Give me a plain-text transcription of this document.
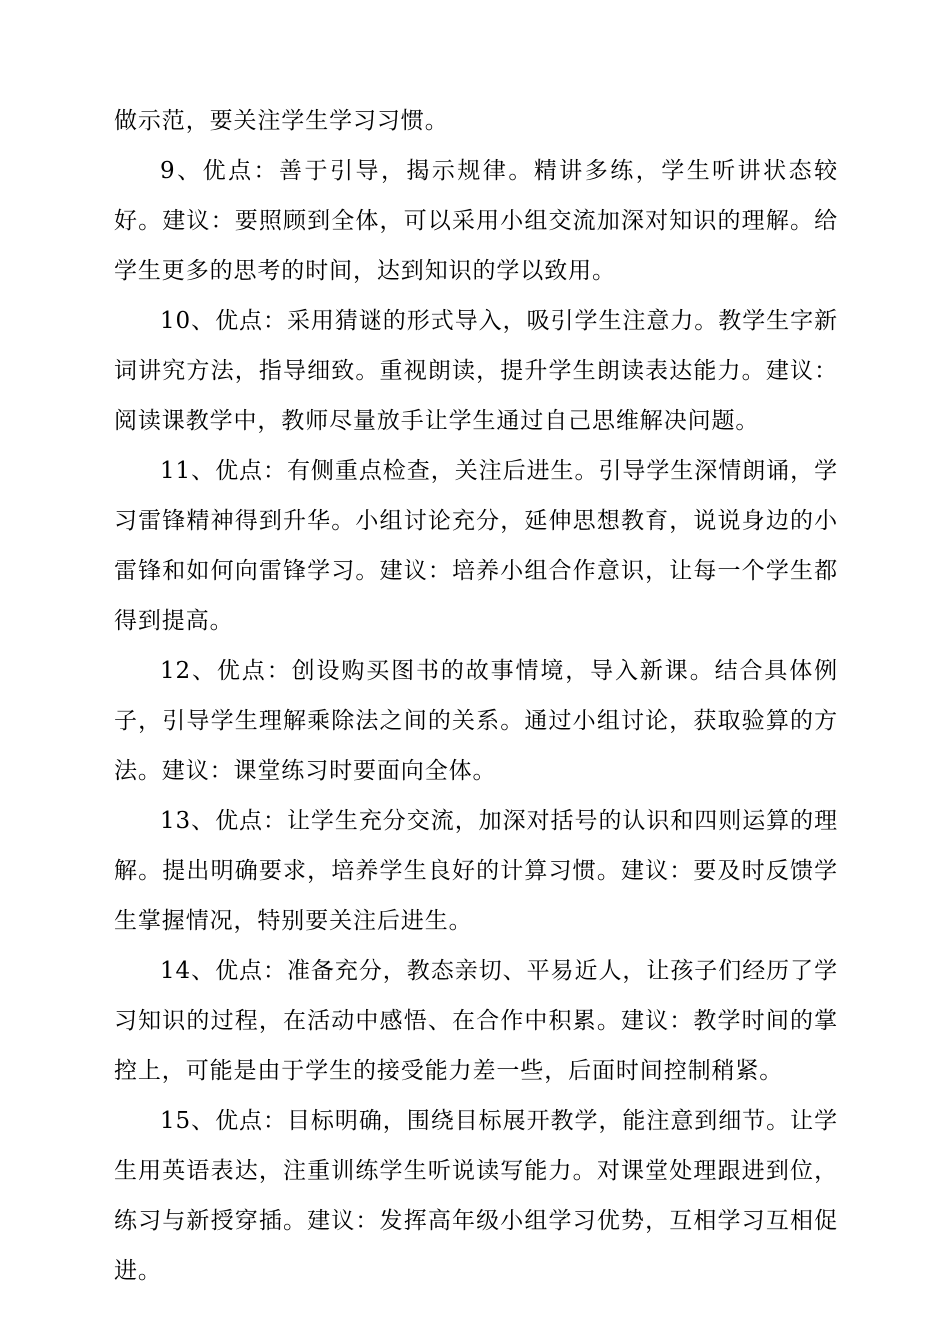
做示范，要关注学生学习习惯。

9、优点：善于引导，揭示规律。精讲多练，学生听讲状态较好。建议：要照顾到全体，可以采用小组交流加深对知识的理解。给学生更多的思考的时间，达到知识的学以致用。

10、优点：采用猜谜的形式导入，吸引学生注意力。教学生字新词讲究方法，指导细致。重视朗读，提升学生朗读表达能力。建议：阅读课教学中，教师尽量放手让学生通过自己思维解决问题。

11、优点：有侧重点检查，关注后进生。引导学生深情朗诵，学习雷锋精神得到升华。小组讨论充分，延伸思想教育，说说身边的小雷锋和如何向雷锋学习。建议：培养小组合作意识，让每一个学生都得到提高。

12、优点：创设购买图书的故事情境，导入新课。结合具体例子，引导学生理解乘除法之间的关系。通过小组讨论，获取验算的方法。建议：课堂练习时要面向全体。

13、优点：让学生充分交流，加深对括号的认识和四则运算的理解。提出明确要求，培养学生良好的计算习惯。建议：要及时反馈学生掌握情况，特别要关注后进生。

14、优点：准备充分，教态亲切、平易近人，让孩子们经历了学习知识的过程，在活动中感悟、在合作中积累。建议：教学时间的掌控上，可能是由于学生的接受能力差一些，后面时间控制稍紧。

15、优点：目标明确，围绕目标展开教学，能注意到细节。让学生用英语表达，注重训练学生听说读写能力。对课堂处理跟进到位，练习与新授穿插。建议：发挥高年级小组学习优势，互相学习互相促进。
